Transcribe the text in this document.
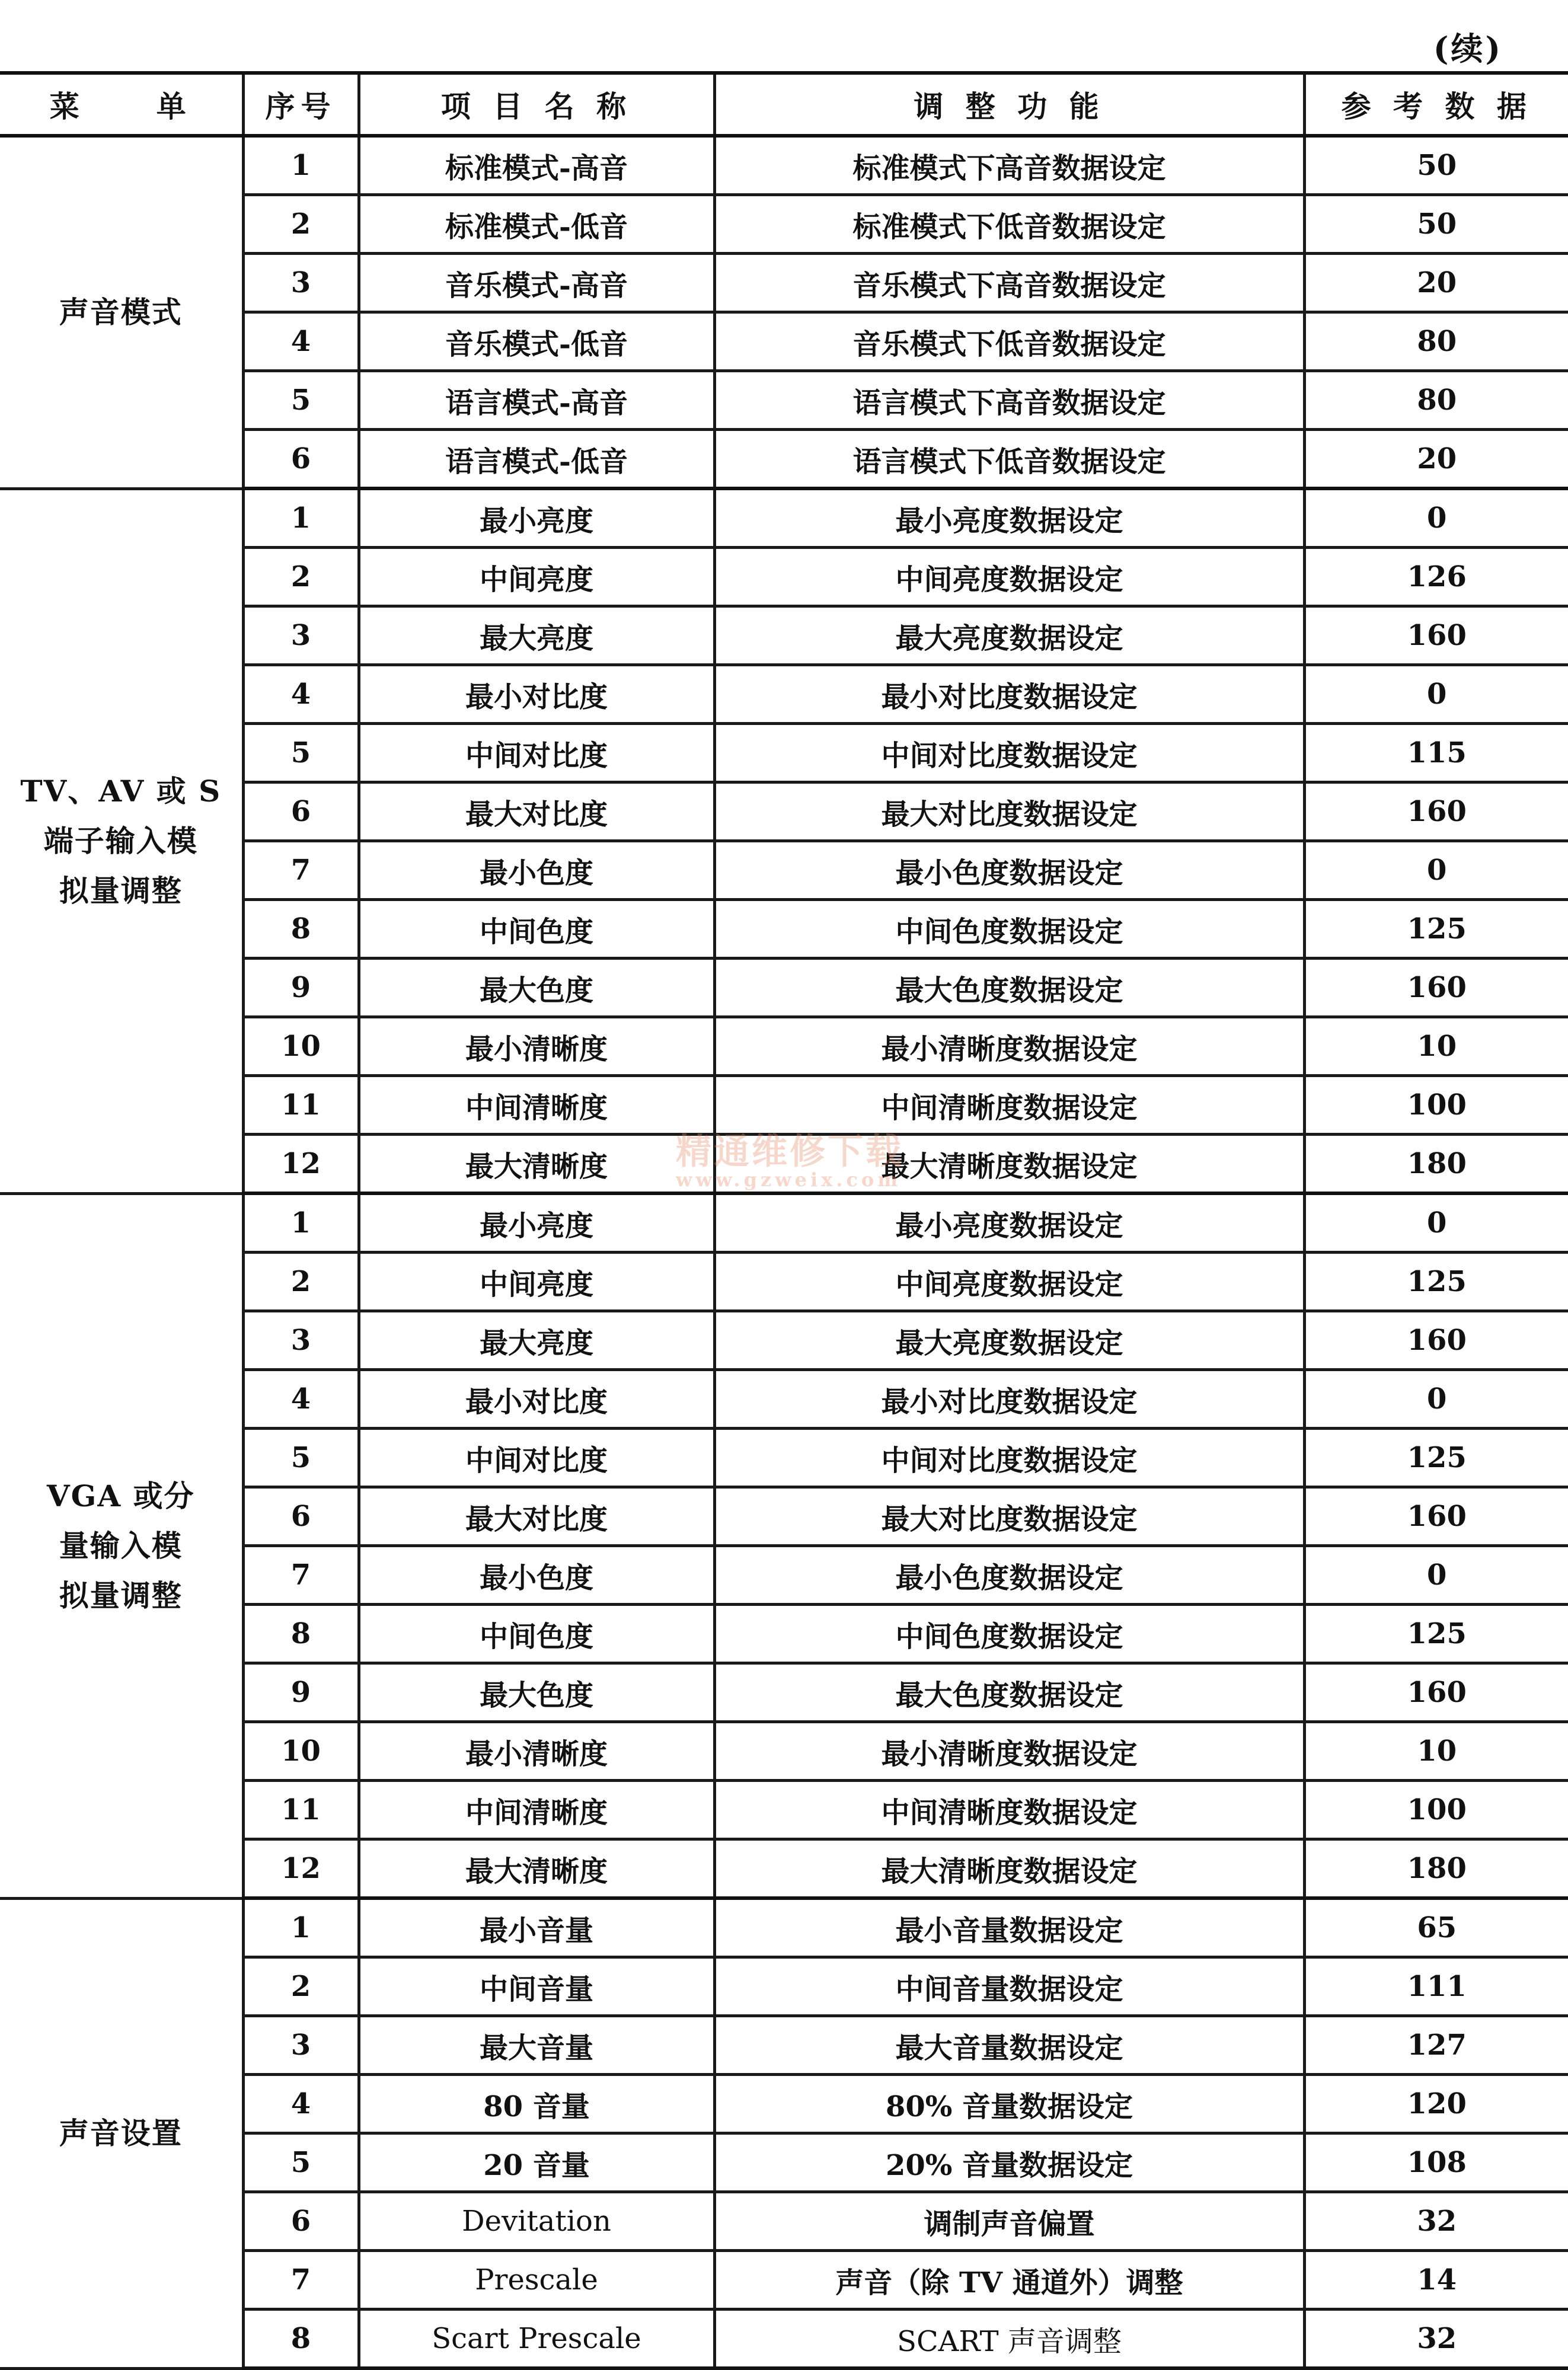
(续)
菜　　单	序号	项 目 名 称	调 整 功 能	参 考 数 据

声音模式	1	标准模式-高音	标准模式下高音数据设定	50
	2	标准模式-低音	标准模式下低音数据设定	50
	3	音乐模式-高音	音乐模式下高音数据设定	20
	4	音乐模式-低音	音乐模式下低音数据设定	80
	5	语言模式-高音	语言模式下高音数据设定	80
	6	语言模式-低音	语言模式下低音数据设定	20

TV、AV 或 S
端子输入模
拟量调整	1	最小亮度	最小亮度数据设定	0
	2	中间亮度	中间亮度数据设定	126
	3	最大亮度	最大亮度数据设定	160
	4	最小对比度	最小对比度数据设定	0
	5	中间对比度	中间对比度数据设定	115
	6	最大对比度	最大对比度数据设定	160
	7	最小色度	最小色度数据设定	0
	8	中间色度	中间色度数据设定	125
	9	最大色度	最大色度数据设定	160
	10	最小清晰度	最小清晰度数据设定	10
	11	中间清晰度	中间清晰度数据设定	100
	12	最大清晰度	最大清晰度数据设定	180

VGA 或分
量输入模
拟量调整	1	最小亮度	最小亮度数据设定	0
	2	中间亮度	中间亮度数据设定	125
	3	最大亮度	最大亮度数据设定	160
	4	最小对比度	最小对比度数据设定	0
	5	中间对比度	中间对比度数据设定	125
	6	最大对比度	最大对比度数据设定	160
	7	最小色度	最小色度数据设定	0
	8	中间色度	中间色度数据设定	125
	9	最大色度	最大色度数据设定	160
	10	最小清晰度	最小清晰度数据设定	10
	11	中间清晰度	中间清晰度数据设定	100
	12	最大清晰度	最大清晰度数据设定	180

声音设置	1	最小音量	最小音量数据设定	65
	2	中间音量	中间音量数据设定	111
	3	最大音量	最大音量数据设定	127
	4	80 音量	80% 音量数据设定	120
	5	20 音量	20% 音量数据设定	108
	6	Devitation	调制声音偏置	32
	7	Prescale	声音（除 TV 通道外）调整	14
	8	Scart Prescale	SCART 声音调整	32
精通维修下载
www.gzweix.com
